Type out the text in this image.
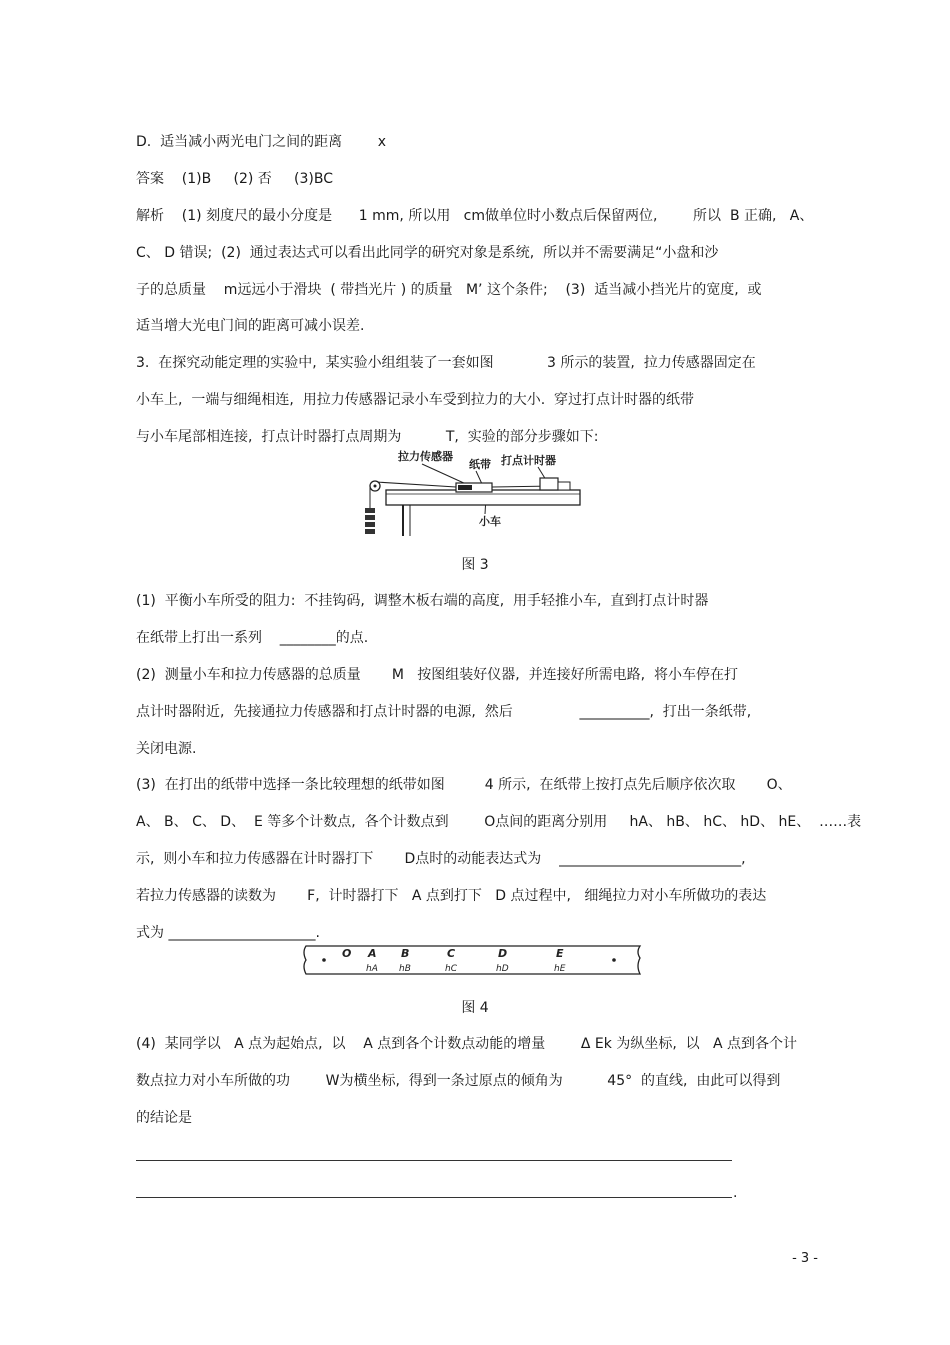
D.  适当减小两光电门之间的距离        x
答案    (1)B     (2) 否     (3)BC
解析    (1) 刻度尺的最小分度是      1 mm, 所以用   cm做单位时小数点后保留两位,        所以  B 正确,   A、
C、 D 错误;  (2)  通过表达式可以看出此同学的研究对象是系统,  所以并不需要满足“小盘和沙
子的总质量    m远远小于滑块  ( 带挡光片 ) 的质量   M’ 这个条件;    (3)  适当减小挡光片的宽度,  或
适当增大光电门间的距离可减小误差.
3.  在探究动能定理的实验中,  某实验小组组装了一套如图            3 所示的装置,  拉力传感器固定在
小车上,  一端与细绳相连,  用拉力传感器记录小车受到拉力的大小.  穿过打点计时器的纸带
与小车尾部相连接,  打点计时器打点周期为          T,  实验的部分步骤如下:
拉力传感器
纸带 打点计时器
小车
图 3
(1)  平衡小车所受的阻力:  不挂钩码,  调整木板右端的高度,  用手轻推小车,  直到打点计时器
在纸带上打出一系列    ________的点.
(2)  测量小车和拉力传感器的总质量       M   按图组装好仪器,  并连接好所需电路,  将小车停在打
点计时器附近,  先接通拉力传感器和打点计时器的电源,  然后               __________,  打出一条纸带,
关闭电源.
(3)  在打出的纸带中选择一条比较理想的纸带如图         4 所示,  在纸带上按打点先后顺序依次取       O、
A、 B、 C、 D、  E 等多个计数点,  各个计数点到        O点间的距离分别用     hA、 hB、 hC、 hD、 hE、  ……表
示,  则小车和拉力传感器在计时器打下       D点时的动能表达式为    __________________________,
若拉力传感器的读数为       F,  计时器打下   A 点到打下   D 点过程中,   细绳拉力对小车所做功的表达
式为 _____________________.
O A B	C	D	E
hA hB	hC	hD	hE
图 4
(4)  某同学以   A 点为起始点,  以    A 点到各个计数点动能的增量        Δ Ek 为纵坐标,  以   A 点到各个计
数点拉力对小车所做的功        W为横坐标,  得到一条过原点的倾角为          45°  的直线,  由此可以得到
的结论是
.
- 3 -
